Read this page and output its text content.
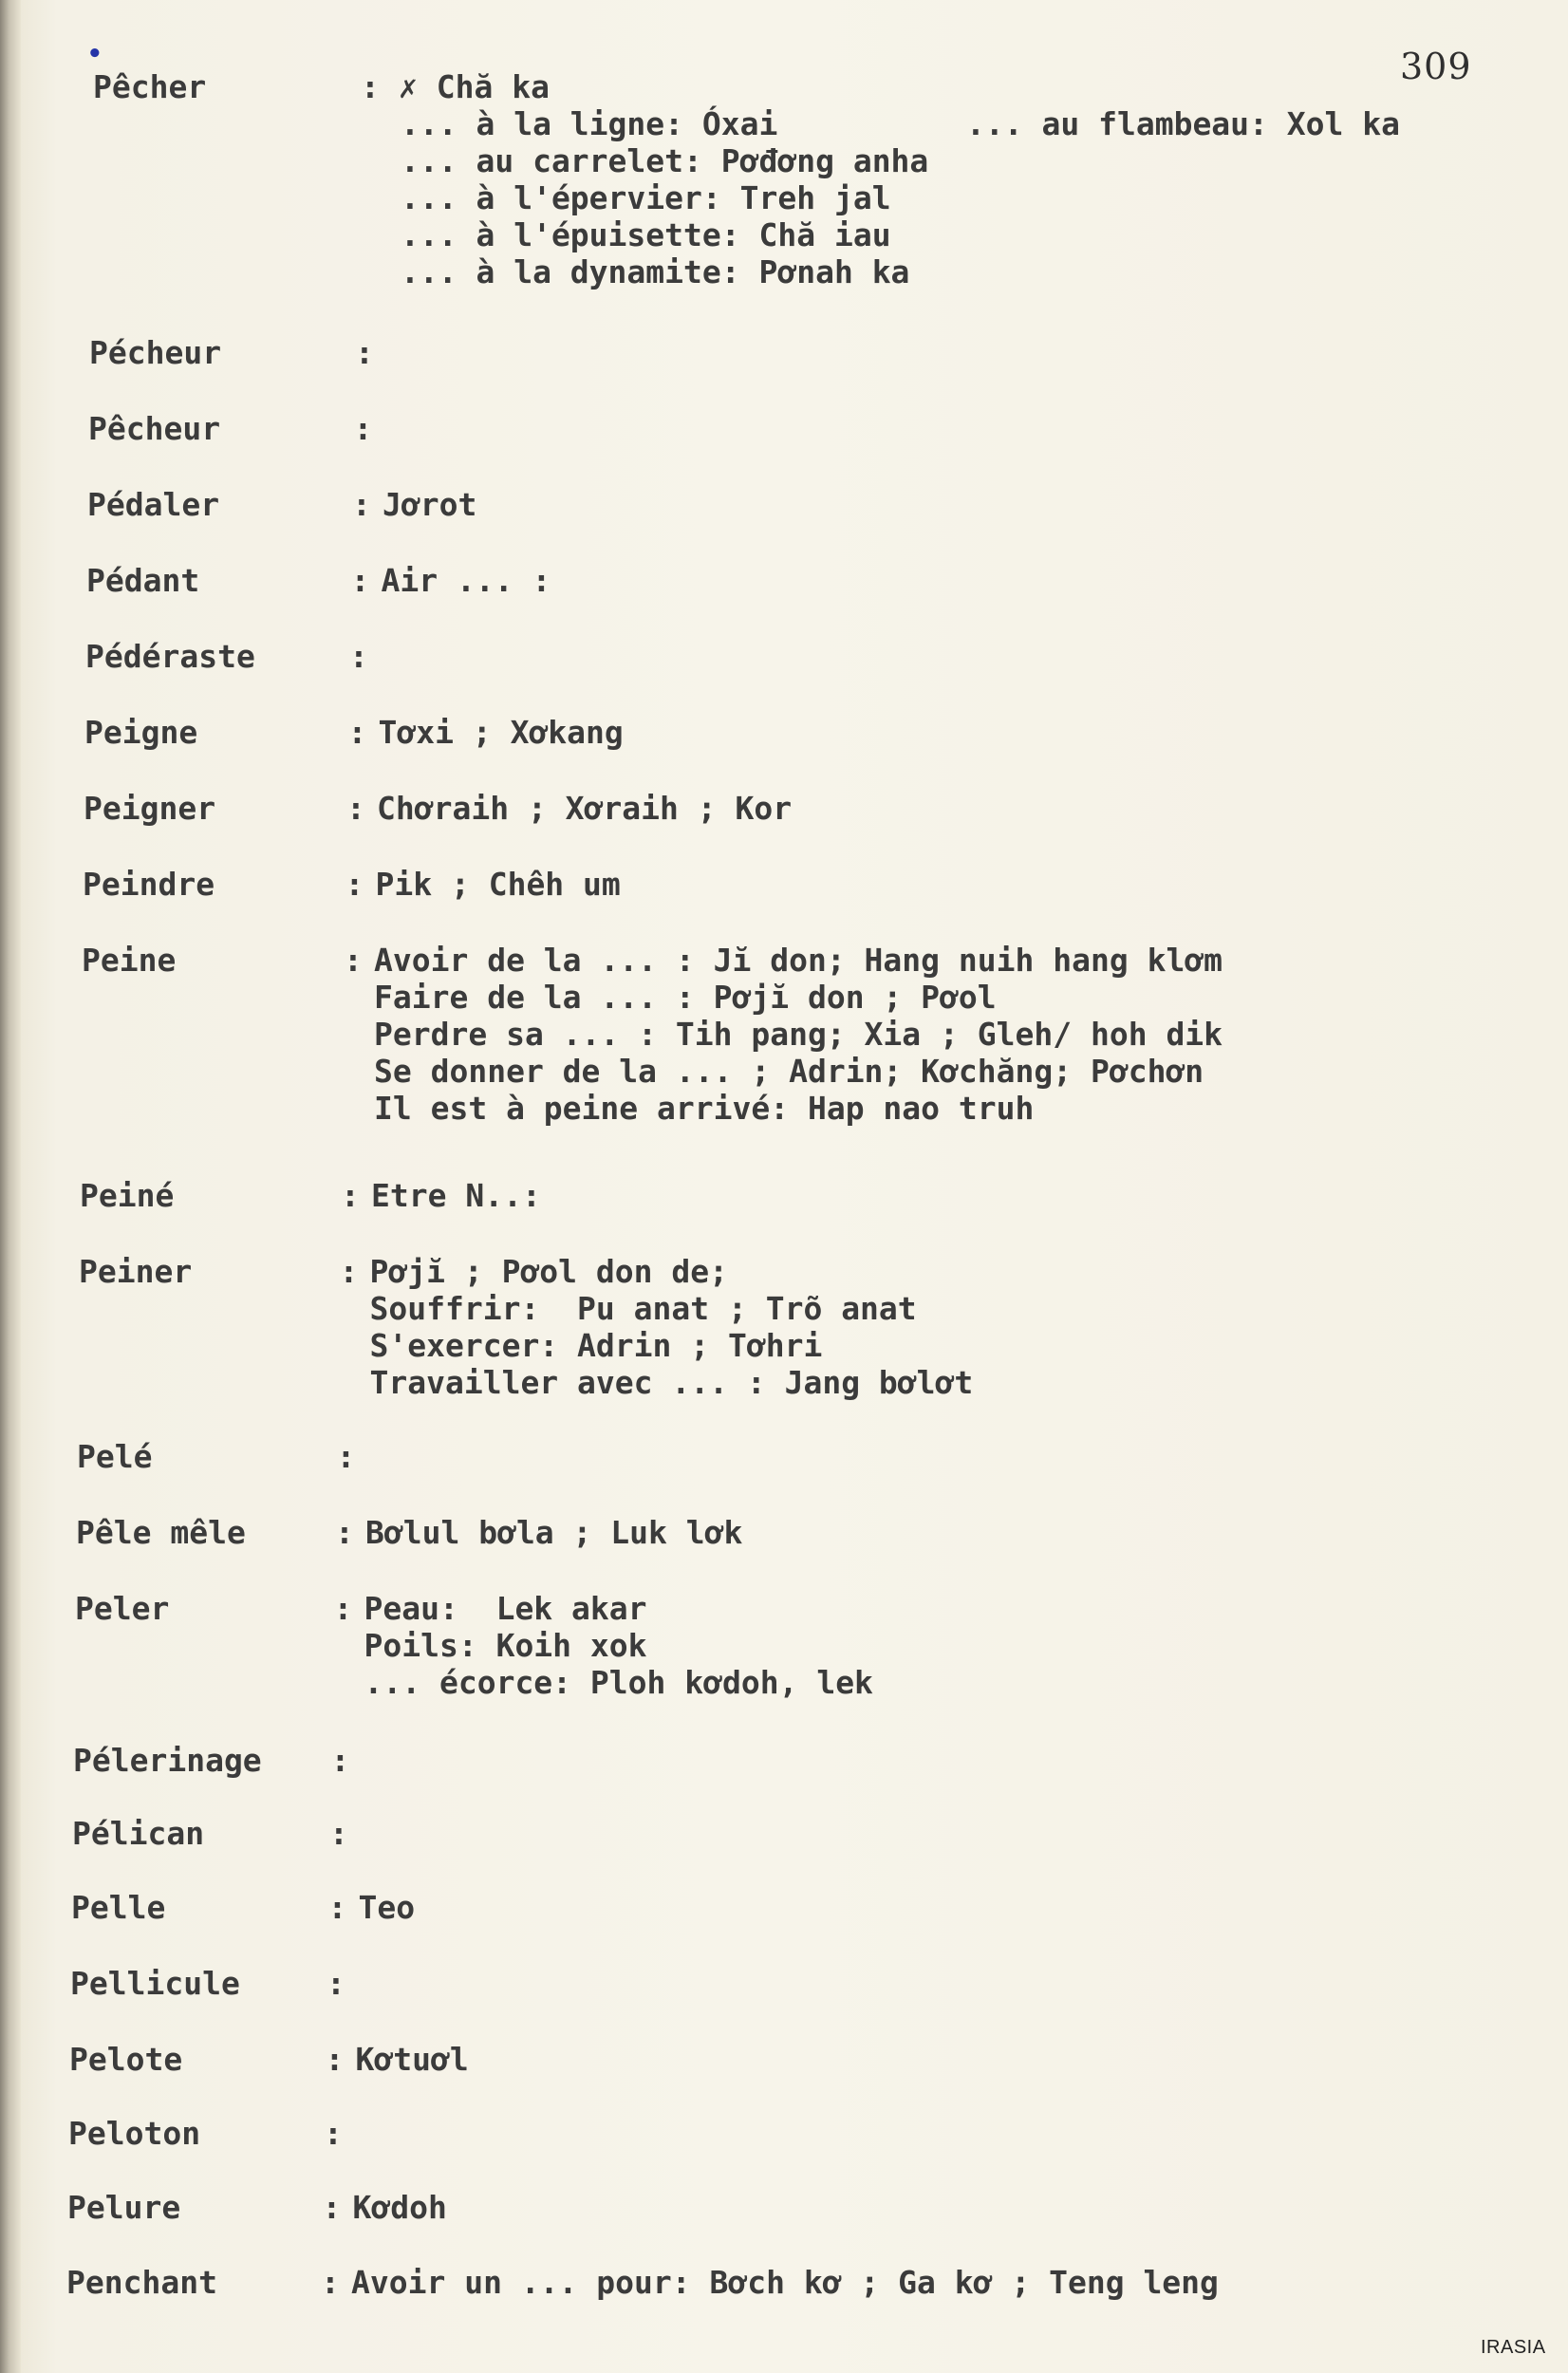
309
Pêcher	: ✗ Chă ka
... à la ligne: Óxai          ... au flambeau: Xol ka
... au carrelet: Pơđơng anha
... à l'épervier: Treh jal
... à l'épuisette: Chă iau
... à la dynamite: Pơnah ka
Pécheur	:
Pêcheur	:
Pédaler	: Jơrot
Pédant	: Air ... :
Pédéraste	:
Peigne	: Tơxi ; Xơkang
Peigner	: Chơraih ; Xơraih ; Kor
Peindre	: Pik ; Chêh um
Peine	: Avoir de la ... : Jĭ don; Hang nuih hang klơm
Faire de la ... : Pơjĭ don ; Pơol
Perdre sa ... : Tih pang; Xia ; Gleh/ hoh dik
Se donner de la ... ; Adrin; Kơchăng; Pơchơn
Il est à peine arrivé: Hap nao truh
Peiné	: Etre N..:
Peiner	: Pơjĭ ; Pơol don de;
Souffrir:  Pu anat ; Trõ anat
S'exercer: Adrin ; Tơhri
Travailler avec ... : Jang bơlơt
Pelé	:
Pêle mêle	: Bơlul bơla ; Luk lơk
Peler	: Peau:  Lek akar
Poils: Koih xok
... écorce: Ploh kơdoh, lek
Pélerinage :
Pélican	:
Pelle	: Teo
Pellicule	:
Pelote	: Kơtuơl
Peloton	:
Pelure	: Kơdoh
Penchant	: Avoir un ... pour: Bơch kơ ; Ga kơ ; Teng leng
•
IRASIA
